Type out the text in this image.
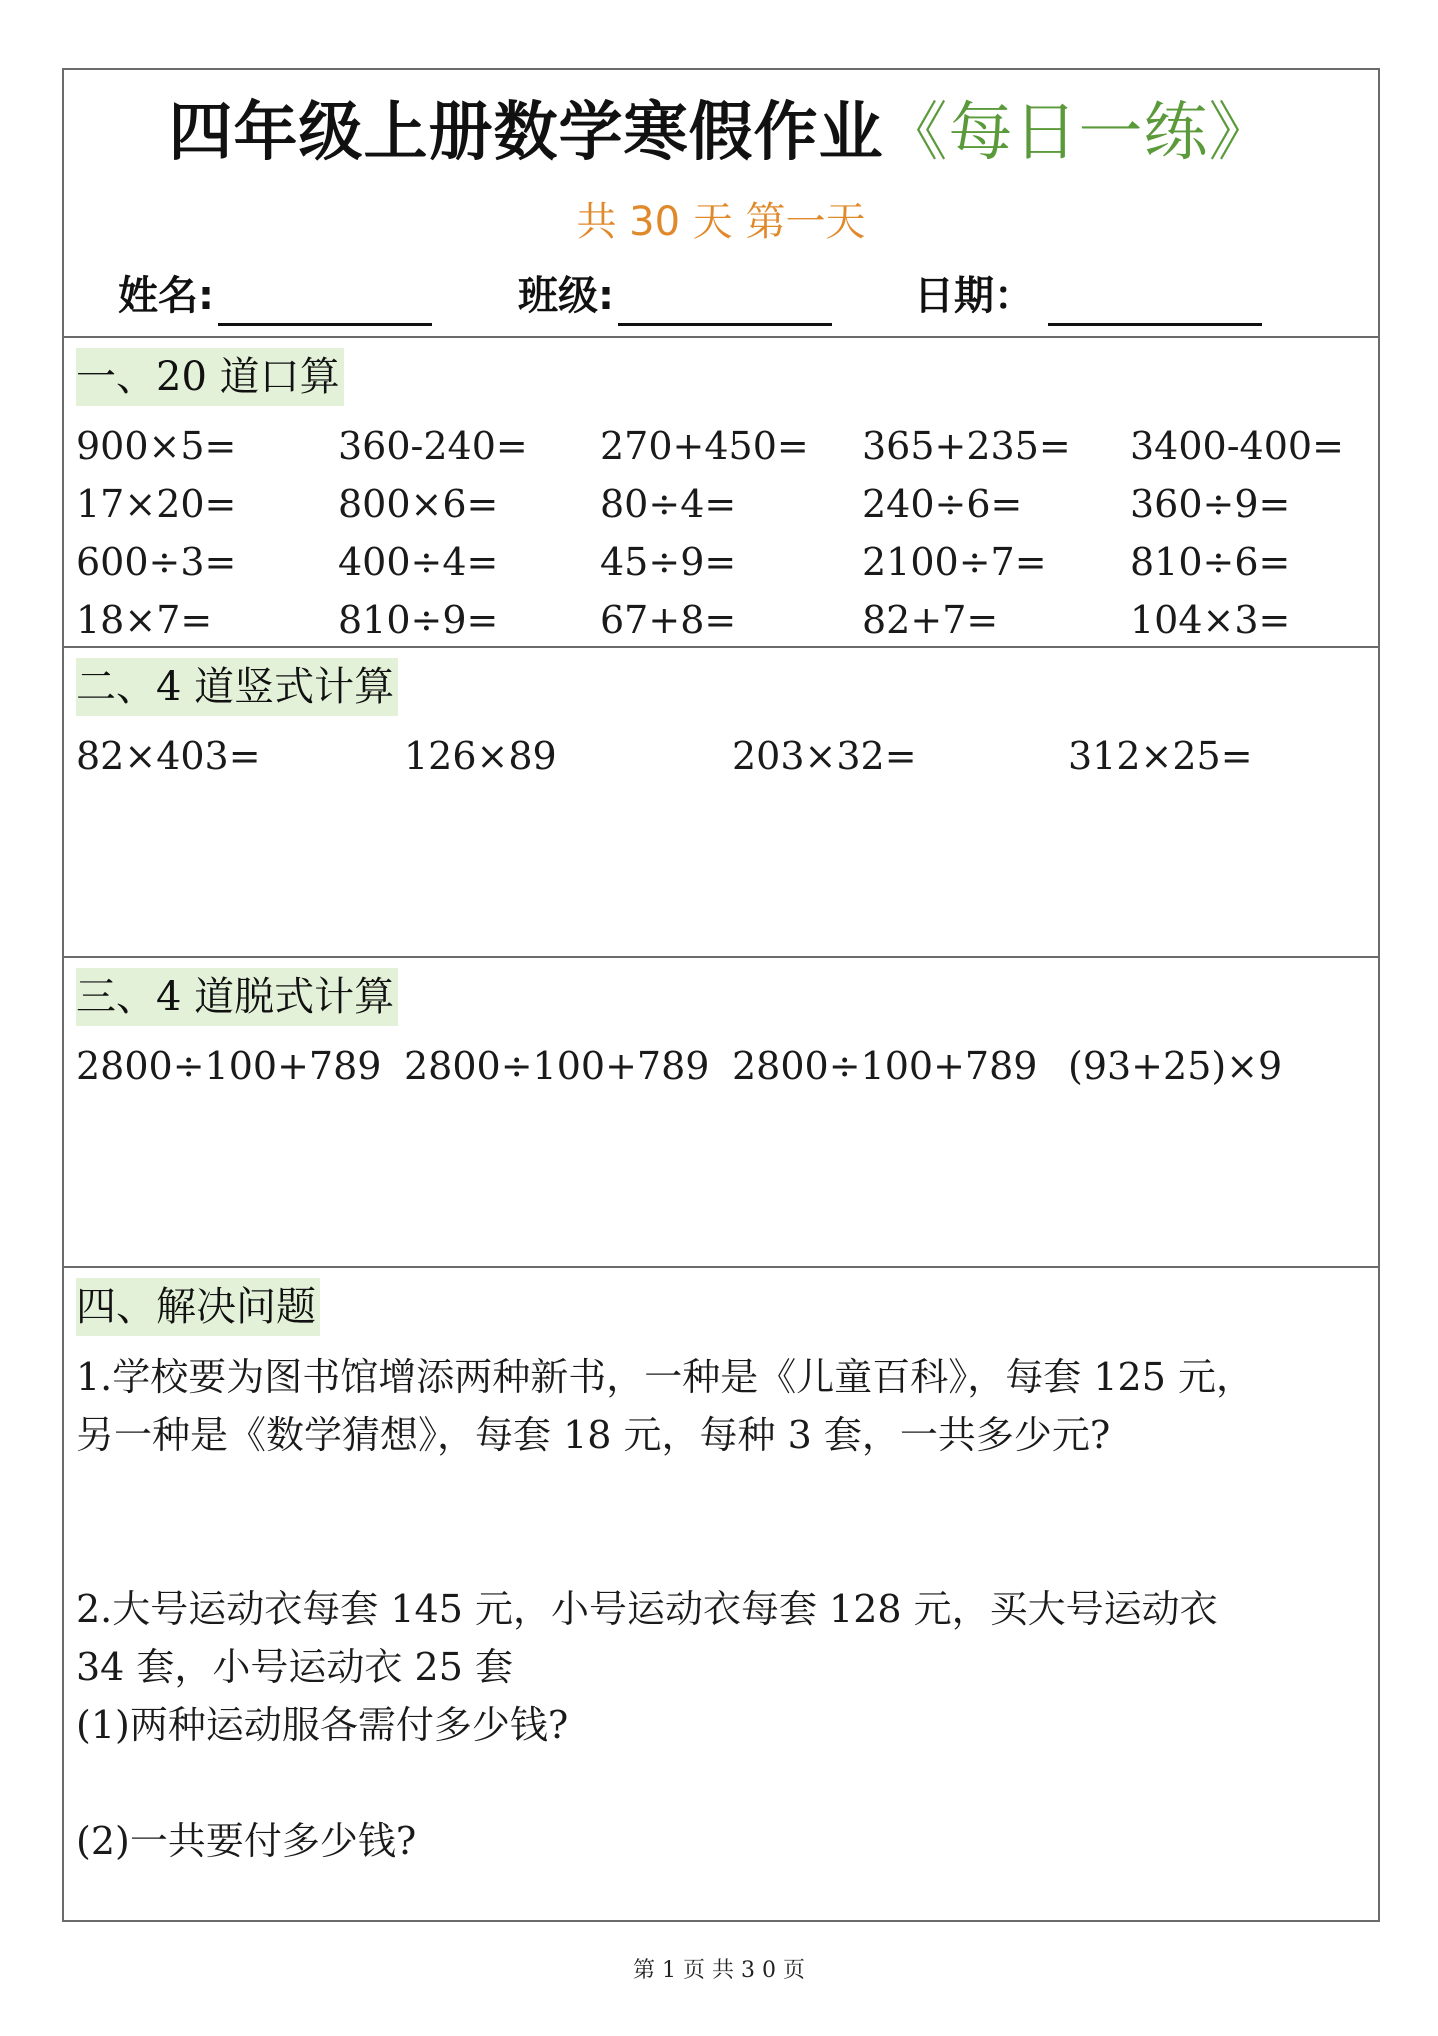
四年级上册数学寒假作业《每日一练》
共 30 天 第一天
姓名:	班级:	日期：
一、20 道口算
900×5=	360-240= 270+450= 365+235= 3400-400=
17×20=	800×6=	80÷4=	240÷6=	360÷9=
600÷3=	400÷4=	45÷9=	2100÷7= 810÷6=
18×7=	810÷9=	67+8=	82+7=	104×3=
二、4 道竖式计算
82×403=	126×89	203×32=	312×25=
三、4 道脱式计算
2800÷100+789 2800÷100+789 2800÷100+789 (93+25)×9
四、解决问题
1.学校要为图书馆增添两种新书，一种是《儿童百科》，每套 125 元，
另一种是《数学猜想》，每套 18 元，每种 3 套，一共多少元?
2.大号运动衣每套 145 元，小号运动衣每套 128 元，买大号运动衣
34 套，小号运动衣 25 套
(1)两种运动服各需付多少钱?
(2)一共要付多少钱?
第 1 页 共 3 0 页
